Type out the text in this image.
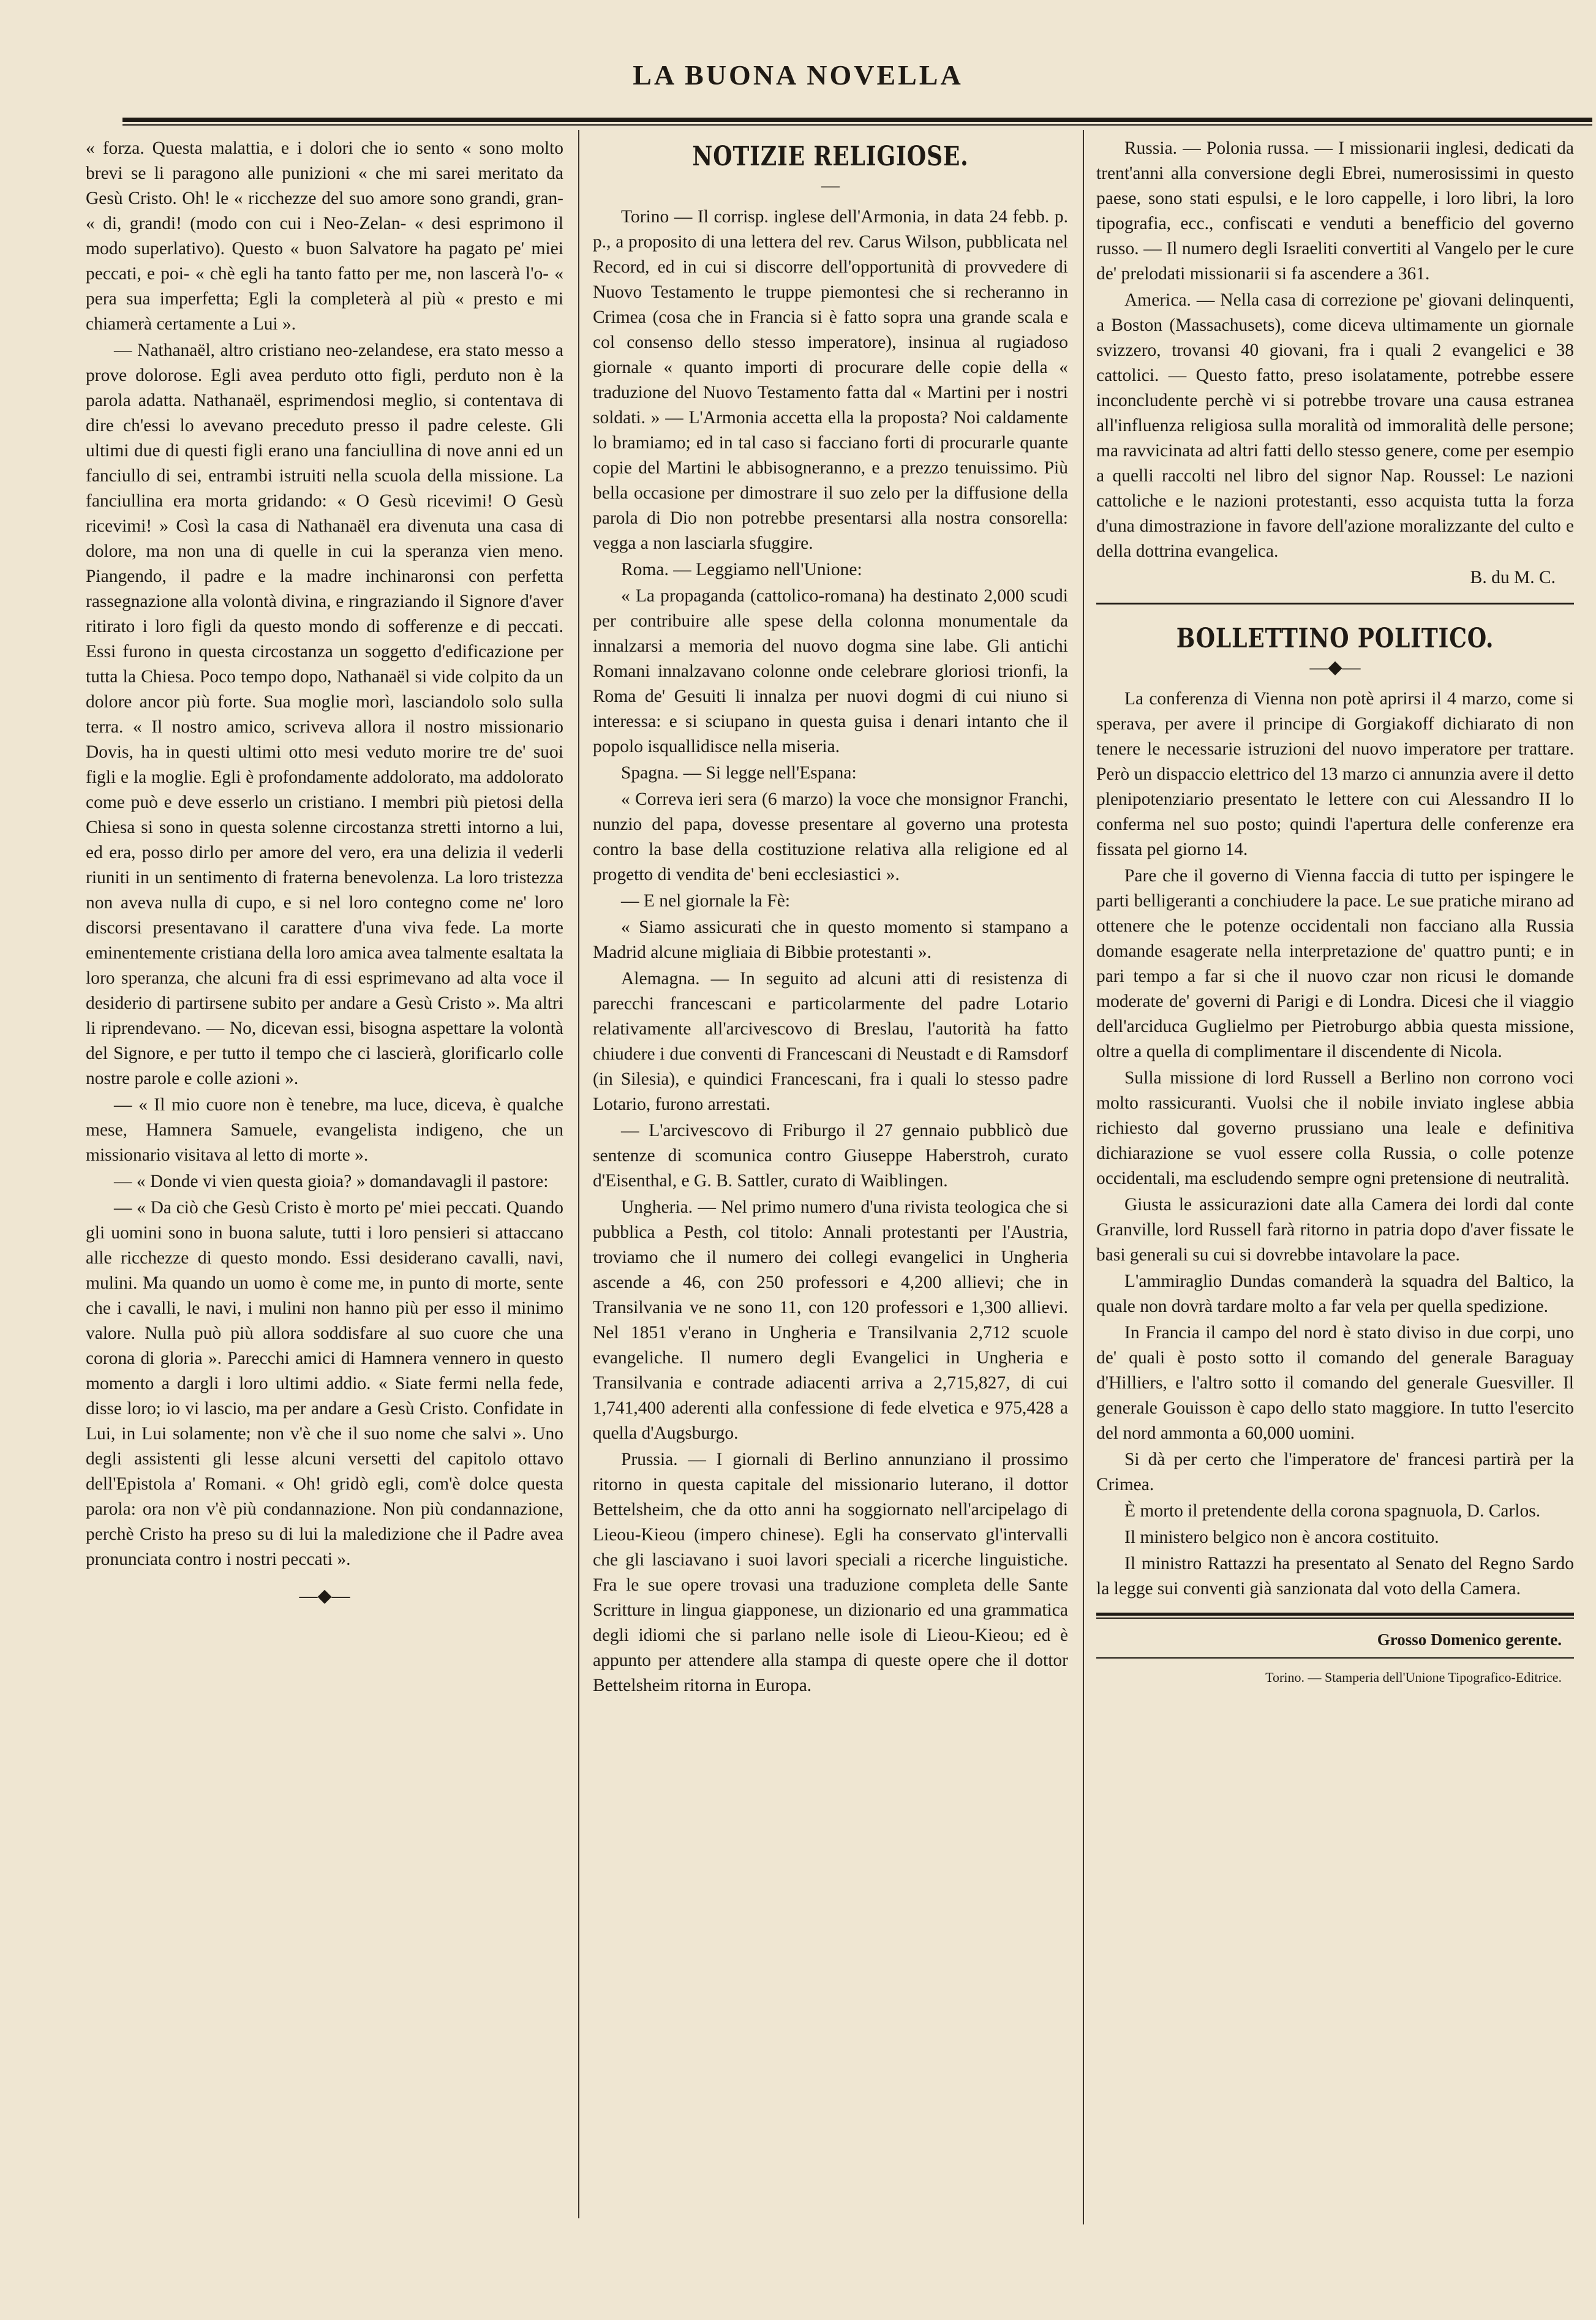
LA BUONA NOVELLA

« forza. Questa malattia, e i dolori che io sento « sono molto brevi se li paragono alle punizioni « che mi sarei meritato da Gesù Cristo. Oh! le « ricchezze del suo amore sono grandi, gran- « di, grandi! (modo con cui i Neo-Zelan- « desi esprimono il modo superlativo). Questo « buon Salvatore ha pagato pe' miei peccati, e poi- « chè egli ha tanto fatto per me, non lascerà l'o- « pera sua imperfetta; Egli la completerà al più « presto e mi chiamerà certamente a Lui ».

— Nathanaël, altro cristiano neo-zelandese, era stato messo a prove dolorose. Egli avea perduto otto figli, perduto non è la parola adatta. Nathanaël, esprimendosi meglio, si contentava di dire ch'essi lo avevano preceduto presso il padre celeste. Gli ultimi due di questi figli erano una fanciullina di nove anni ed un fanciullo di sei, entrambi istruiti nella scuola della missione. La fanciullina era morta gridando: « O Gesù ricevimi! O Gesù ricevimi! » Così la casa di Nathanaël era divenuta una casa di dolore, ma non una di quelle in cui la speranza vien meno. Piangendo, il padre e la madre inchinaronsi con perfetta rassegnazione alla volontà divina, e ringraziando il Signore d'aver ritirato i loro figli da questo mondo di sofferenze e di peccati. Essi furono in questa circostanza un soggetto d'edificazione per tutta la Chiesa. Poco tempo dopo, Nathanaël si vide colpito da un dolore ancor più forte. Sua moglie morì, lasciandolo solo sulla terra. « Il nostro amico, scriveva allora il nostro missionario Dovis, ha in questi ultimi otto mesi veduto morire tre de' suoi figli e la moglie. Egli è profondamente addolorato, ma addolorato come può e deve esserlo un cristiano. I membri più pietosi della Chiesa si sono in questa solenne circostanza stretti intorno a lui, ed era, posso dirlo per amore del vero, era una delizia il vederli riuniti in un sentimento di fraterna benevolenza. La loro tristezza non aveva nulla di cupo, e si nel loro contegno come ne' loro discorsi presentavano il carattere d'una viva fede. La morte eminentemente cristiana della loro amica avea talmente esaltata la loro speranza, che alcuni fra di essi esprimevano ad alta voce il desiderio di partirsene subito per andare a Gesù Cristo ». Ma altri li riprendevano. — No, dicevan essi, bisogna aspettare la volontà del Signore, e per tutto il tempo che ci lascierà, glorificarlo colle nostre parole e colle azioni ».

— « Il mio cuore non è tenebre, ma luce, diceva, è qualche mese, Hamnera Samuele, evangelista indigeno, che un missionario visitava al letto di morte ».

— « Donde vi vien questa gioia? » domandavagli il pastore:

— « Da ciò che Gesù Cristo è morto pe' miei peccati. Quando gli uomini sono in buona salute, tutti i loro pensieri si attaccano alle ricchezze di questo mondo. Essi desiderano cavalli, navi, mulini. Ma quando un uomo è come me, in punto di morte, sente che i cavalli, le navi, i mulini non hanno più per esso il minimo valore. Nulla può più allora soddisfare al suo cuore che una corona di gloria ». Parecchi amici di Hamnera vennero in questo momento a dargli i loro ultimi addio. « Siate fermi nella fede, disse loro; io vi lascio, ma per andare a Gesù Cristo. Confidate in Lui, in Lui solamente; non v'è che il suo nome che salvi ». Uno degli assistenti gli lesse alcuni versetti del capitolo ottavo dell'Epistola a' Romani. « Oh! gridò egli, com'è dolce questa parola: ora non v'è più condannazione. Non più condannazione, perchè Cristo ha preso su di lui la maledizione che il Padre avea pronunciata contro i nostri peccati ».

—◆—
NOTIZIE RELIGIOSE.
—

Torino — Il corrisp. inglese dell'Armonia, in data 24 febb. p. p., a proposito di una lettera del rev. Carus Wilson, pubblicata nel Record, ed in cui si discorre dell'opportunità di provvedere di Nuovo Testamento le truppe piemontesi che si recheranno in Crimea (cosa che in Francia si è fatto sopra una grande scala e col consenso dello stesso imperatore), insinua al rugiadoso giornale « quanto importi di procurare delle copie della « traduzione del Nuovo Testamento fatta dal « Martini per i nostri soldati. » — L'Armonia accetta ella la proposta? Noi caldamente lo bramiamo; ed in tal caso si facciano forti di procurarle quante copie del Martini le abbisogneranno, e a prezzo tenuissimo. Più bella occasione per dimostrare il suo zelo per la diffusione della parola di Dio non potrebbe presentarsi alla nostra consorella: vegga a non lasciarla sfuggire.

Roma. — Leggiamo nell'Unione:

« La propaganda (cattolico-romana) ha destinato 2,000 scudi per contribuire alle spese della colonna monumentale da innalzarsi a memoria del nuovo dogma sine labe. Gli antichi Romani innalzavano colonne onde celebrare gloriosi trionfi, la Roma de' Gesuiti li innalza per nuovi dogmi di cui niuno si interessa: e si sciupano in questa guisa i denari intanto che il popolo isquallidisce nella miseria.

Spagna. — Si legge nell'Espana:

« Correva ieri sera (6 marzo) la voce che monsignor Franchi, nunzio del papa, dovesse presentare al governo una protesta contro la base della costituzione relativa alla religione ed al progetto di vendita de' beni ecclesiastici ».

— E nel giornale la Fè:

« Siamo assicurati che in questo momento si stampano a Madrid alcune migliaia di Bibbie protestanti ».

Alemagna. — In seguito ad alcuni atti di resistenza di parecchi francescani e particolarmente del padre Lotario relativamente all'arcivescovo di Breslau, l'autorità ha fatto chiudere i due conventi di Francescani di Neustadt e di Ramsdorf (in Silesia), e quindici Francescani, fra i quali lo stesso padre Lotario, furono arrestati.

— L'arcivescovo di Friburgo il 27 gennaio pubblicò due sentenze di scomunica contro Giuseppe Haberstroh, curato d'Eisenthal, e G. B. Sattler, curato di Waiblingen.

Ungheria. — Nel primo numero d'una rivista teologica che si pubblica a Pesth, col titolo: Annali protestanti per l'Austria, troviamo che il numero dei collegi evangelici in Ungheria ascende a 46, con 250 professori e 4,200 allievi; che in Transilvania ve ne sono 11, con 120 professori e 1,300 allievi. Nel 1851 v'erano in Ungheria e Transilvania 2,712 scuole evangeliche. Il numero degli Evangelici in Ungheria e Transilvania e contrade adiacenti arriva a 2,715,827, di cui 1,741,400 aderenti alla confessione di fede elvetica e 975,428 a quella d'Augsburgo.

Prussia. — I giornali di Berlino annunziano il prossimo ritorno in questa capitale del missionario luterano, il dottor Bettelsheim, che da otto anni ha soggiornato nell'arcipelago di Lieou-Kieou (impero chinese). Egli ha conservato gl'intervalli che gli lasciavano i suoi lavori speciali a ricerche linguistiche. Fra le sue opere trovasi una traduzione completa delle Sante Scritture in lingua giapponese, un dizionario ed una grammatica degli idiomi che si parlano nelle isole di Lieou-Kieou; ed è appunto per attendere alla stampa di queste opere che il dottor Bettelsheim ritorna in Europa.

Russia. — Polonia russa. — I missionarii inglesi, dedicati da trent'anni alla conversione degli Ebrei, numerosissimi in questo paese, sono stati espulsi, e le loro cappelle, i loro libri, la loro tipografia, ecc., confiscati e venduti a benefficio del governo russo. — Il numero degli Israeliti convertiti al Vangelo per le cure de' prelodati missionarii si fa ascendere a 361.

America. — Nella casa di correzione pe' giovani delinquenti, a Boston (Massachusets), come diceva ultimamente un giornale svizzero, trovansi 40 giovani, fra i quali 2 evangelici e 38 cattolici. — Questo fatto, preso isolatamente, potrebbe essere inconcludente perchè vi si potrebbe trovare una causa estranea all'influenza religiosa sulla moralità od immoralità delle persone; ma ravvicinata ad altri fatti dello stesso genere, come per esempio a quelli raccolti nel libro del signor Nap. Roussel: Le nazioni cattoliche e le nazioni protestanti, esso acquista tutta la forza d'una dimostrazione in favore dell'azione moralizzante del culto e della dottrina evangelica.

B. du M. C.

BOLLETTINO POLITICO.
—◆—

La conferenza di Vienna non potè aprirsi il 4 marzo, come si sperava, per avere il principe di Gorgiakoff dichiarato di non tenere le necessarie istruzioni del nuovo imperatore per trattare. Però un dispaccio elettrico del 13 marzo ci annunzia avere il detto plenipotenziario presentato le lettere con cui Alessandro II lo conferma nel suo posto; quindi l'apertura delle conferenze era fissata pel giorno 14.

Pare che il governo di Vienna faccia di tutto per ispingere le parti belligeranti a conchiudere la pace. Le sue pratiche mirano ad ottenere che le potenze occidentali non facciano alla Russia domande esagerate nella interpretazione de' quattro punti; e in pari tempo a far si che il nuovo czar non ricusi le domande moderate de' governi di Parigi e di Londra. Dicesi che il viaggio dell'arciduca Guglielmo per Pietroburgo abbia questa missione, oltre a quella di complimentare il discendente di Nicola.

Sulla missione di lord Russell a Berlino non corrono voci molto rassicuranti. Vuolsi che il nobile inviato inglese abbia richiesto dal governo prussiano una leale e definitiva dichiarazione se vuol essere colla Russia, o colle potenze occidentali, ma escludendo sempre ogni pretensione di neutralità.

Giusta le assicurazioni date alla Camera dei lordi dal conte Granville, lord Russell farà ritorno in patria dopo d'aver fissate le basi generali su cui si dovrebbe intavolare la pace.

L'ammiraglio Dundas comanderà la squadra del Baltico, la quale non dovrà tardare molto a far vela per quella spedizione.

In Francia il campo del nord è stato diviso in due corpi, uno de' quali è posto sotto il comando del generale Baraguay d'Hilliers, e l'altro sotto il comando del generale Guesviller. Il generale Gouisson è capo dello stato maggiore. In tutto l'esercito del nord ammonta a 60,000 uomini.

Si dà per certo che l'imperatore de' francesi partirà per la Crimea.

È morto il pretendente della corona spagnuola, D. Carlos.

Il ministero belgico non è ancora costituito.

Il ministro Rattazzi ha presentato al Senato del Regno Sardo la legge sui conventi già sanzionata dal voto della Camera.

Grosso Domenico gerente.

Torino. — Stamperia dell'Unione Tipografico-Editrice.
